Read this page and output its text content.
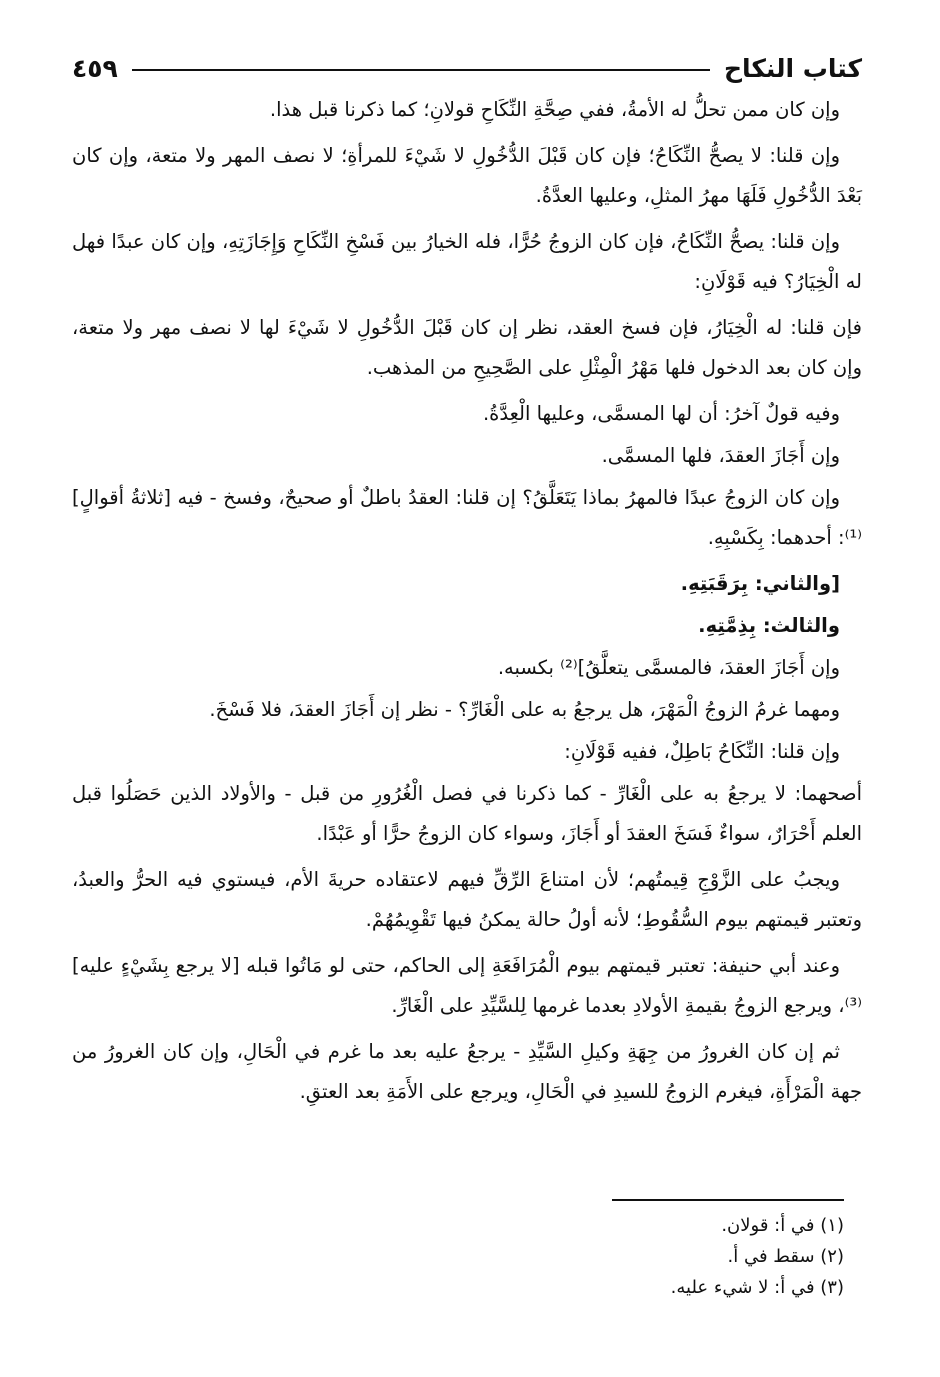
كتاب النكاح
٤٥٩

وإن كان ممن تحلُّ له الأمةُ، ففي صِحَّةِ النِّكَاحِ قولانِ؛ كما ذكرنا قبل هذا.

وإن قلنا: لا يصحُّ النِّكَاحُ؛ فإن كان قَبْلَ الدُّخُولِ لا شَيْءَ للمرأةِ؛ لا نصف المهر ولا متعة، وإن كان بَعْدَ الدُّخُولِ فَلَهَا مهرُ المثلِ، وعليها العدَّةُ.

وإن قلنا: يصحُّ النِّكَاحُ، فإن كان الزوجُ حُرًّا، فله الخيارُ بين فَسْخِ النِّكَاحِ وَإِجَازَتِهِ، وإن كان عبدًا فهل له الْخِيَارُ؟ فيه قَوْلَانِ:

فإن قلنا: له الْخِيَارُ، فإن فسخ العقد، نظر إن كان قَبْلَ الدُّخُولِ لا شَيْءَ لها لا نصف مهر ولا متعة، وإن كان بعد الدخول فلها مَهْرُ الْمِثْلِ على الصَّحِيحِ من المذهب.

وفيه قولٌ آخرُ: أن لها المسمَّى، وعليها الْعِدَّةُ.

وإن أَجَازَ العقدَ، فلها المسمَّى.

وإن كان الزوجُ عبدًا فالمهرُ بماذا يَتَعَلَّقُ؟ إن قلنا: العقدُ باطلٌ أو صحيحٌ، وفسخ - فيه [ثلاثةُ أقوالٍ]⁽¹⁾: أحدهما: بِكَسْبِهِ.

[والثاني: بِرَقَبَتِهِ.

والثالث: بِذِمَّتِهِ.

وإن أَجَازَ العقدَ، فالمسمَّى يتعلَّقُ]⁽²⁾ بكسبه.

ومهما غرمُ الزوجُ الْمَهْرَ، هل يرجعُ به على الْغَارِّ؟ - نظر إن أَجَازَ العقدَ، فلا فَسْخَ.

وإن قلنا: النِّكَاحُ بَاطِلٌ، ففيه قَوْلَانِ:

أصحهما: لا يرجعُ به على الْغَارِّ - كما ذكرنا في فصل الْغُرُورِ من قبل - والأولاد الذين حَصَلُوا قبل العلم أَحْرَارٌ، سواءٌ فَسَخَ العقدَ أو أَجَازَ، وسواء كان الزوجُ حرًّا أو عَبْدًا.

ويجبُ على الزَّوْجِ قِيمتُهم؛ لأن امتناعَ الرِّقِّ فيهم لاعتقاده حريةَ الأم، فيستوي فيه الحرُّ والعبدُ، وتعتبر قيمتهم بيوم السُّقُوطِ؛ لأنه أولُ حالة يمكنُ فيها تَقْوِيمُهُمْ.

وعند أبي حنيفة: تعتبر قيمتهم بيوم الْمُرَافَعَةِ إلى الحاكم، حتى لو مَاتُوا قبله [لا يرجع بِشَيْءٍ عليه]⁽³⁾، ويرجع الزوجُ بقيمةِ الأولادِ بعدما غرمها لِلسَّيِّدِ على الْغَارِّ.

ثم إن كان الغرورُ من جِهَةِ وكيلِ السَّيِّدِ - يرجعُ عليه بعد ما غرم في الْحَالِ، وإن كان الغرورُ من جهة الْمَرْأَةِ، فيغرم الزوجُ للسيدِ في الْحَالِ، ويرجع على الأَمَةِ بعد العتقِ.

(١) في أ: قولان.
(٢) سقط في أ.
(٣) في أ: لا شيء عليه.
